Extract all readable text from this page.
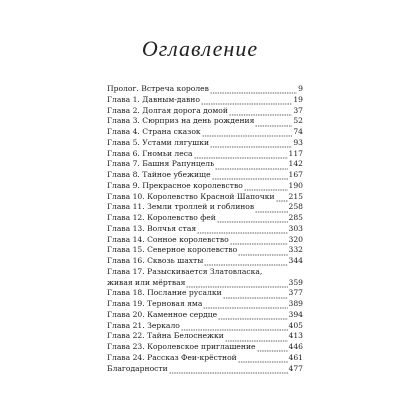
Оглавление
Пролог. Встреча королев	9
Глава 1. Давным-давно	19
Глава 2. Долгая дорога домой	37
Глава 3. Сюрприз на день рождения	52
Глава 4. Страна сказок	74
Глава 5. Устами лягушки	93
Глава 6. Гномьи леса	117
Глава 7. Башня Рапунцель	142
Глава 8. Тайное убежище	167
Глава 9. Прекрасное королевство	190
Глава 10. Королевство Красной Шапочки 215
Глава 11. Земли троллей и гоблинов	258
Глава 12. Королевство фей	285
Глава 13. Волчья стая	303
Глава 14. Сонное королевство	320
Глава 15. Северное королевство	332
Глава 16. Сквозь шахты	344
Глава 17. Разыскивается Златовласка,
живая или мёртвая	359
Глава 18. Послание русалки	377
Глава 19. Терновая яма	389
Глава 20. Каменное сердце	394
Глава 21. Зеркало	405
Глава 22. Тайна Белоснежки	413
Глава 23. Королевское приглашение	446
Глава 24. Рассказ Феи-крёстной	461
Благодарности	477
